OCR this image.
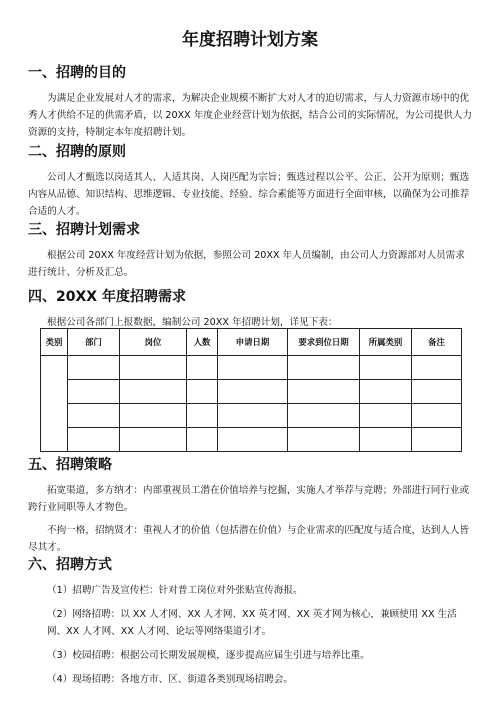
年度招聘计划方案
一、招聘的目的

为满足企业发展对人才的需求，为解决企业规模不断扩大对人才的迫切需求，与人力资源市场中的优秀人才供给不足的供需矛盾，以 20XX 年度企业经营计划为依据，结合公司的实际情况，为公司提供人力资源的支持，特制定本年度招聘计划。

二、招聘的原则

公司人才甄选以岗适其人、人适其岗、人岗匹配为宗旨；甄选过程以公平、公正、公开为原则；甄选内容从品德、知识结构、思维逻辑、专业技能、经验、综合素能等方面进行全面审核，以确保为公司推荐合适的人才。

三、招聘计划需求

根据公司 20XX 年度经营计划为依据，参照公司 20XX 年人员编制，由公司人力资源部对人员需求进行统计、分析及汇总。

四、20XX 年度招聘需求

根据公司各部门上报数据，编制公司 20XX 年招聘计划，详见下表：

类别	部门	岗位	人数	申请日期	要求到位日期	所属类别	备注

五、招聘策略

拓宽渠道，多方纳才：内部重视员工潜在价值培养与挖掘，实施人才举荐与竞聘；外部进行同行业或跨行业同职等人才物色。

不拘一格，招纳贤才：重视人才的价值（包括潜在价值）与企业需求的匹配度与适合度，达到人人皆尽其才。

六、招聘方式

（1）招聘广告及宣传栏：针对普工岗位对外张贴宣传海报。

（2）网络招聘：以 XX 人才网、XX 人才网、XX 英才网、XX 英才网为核心，兼顾使用 XX 生活网、XX 人才网、XX 人才网、论坛等网络渠道引才。

（3）校园招聘：根据公司长期发展规模，逐步提高应届生引进与培养比重。

（4）现场招聘：各地方市、区、街道各类别现场招聘会。
